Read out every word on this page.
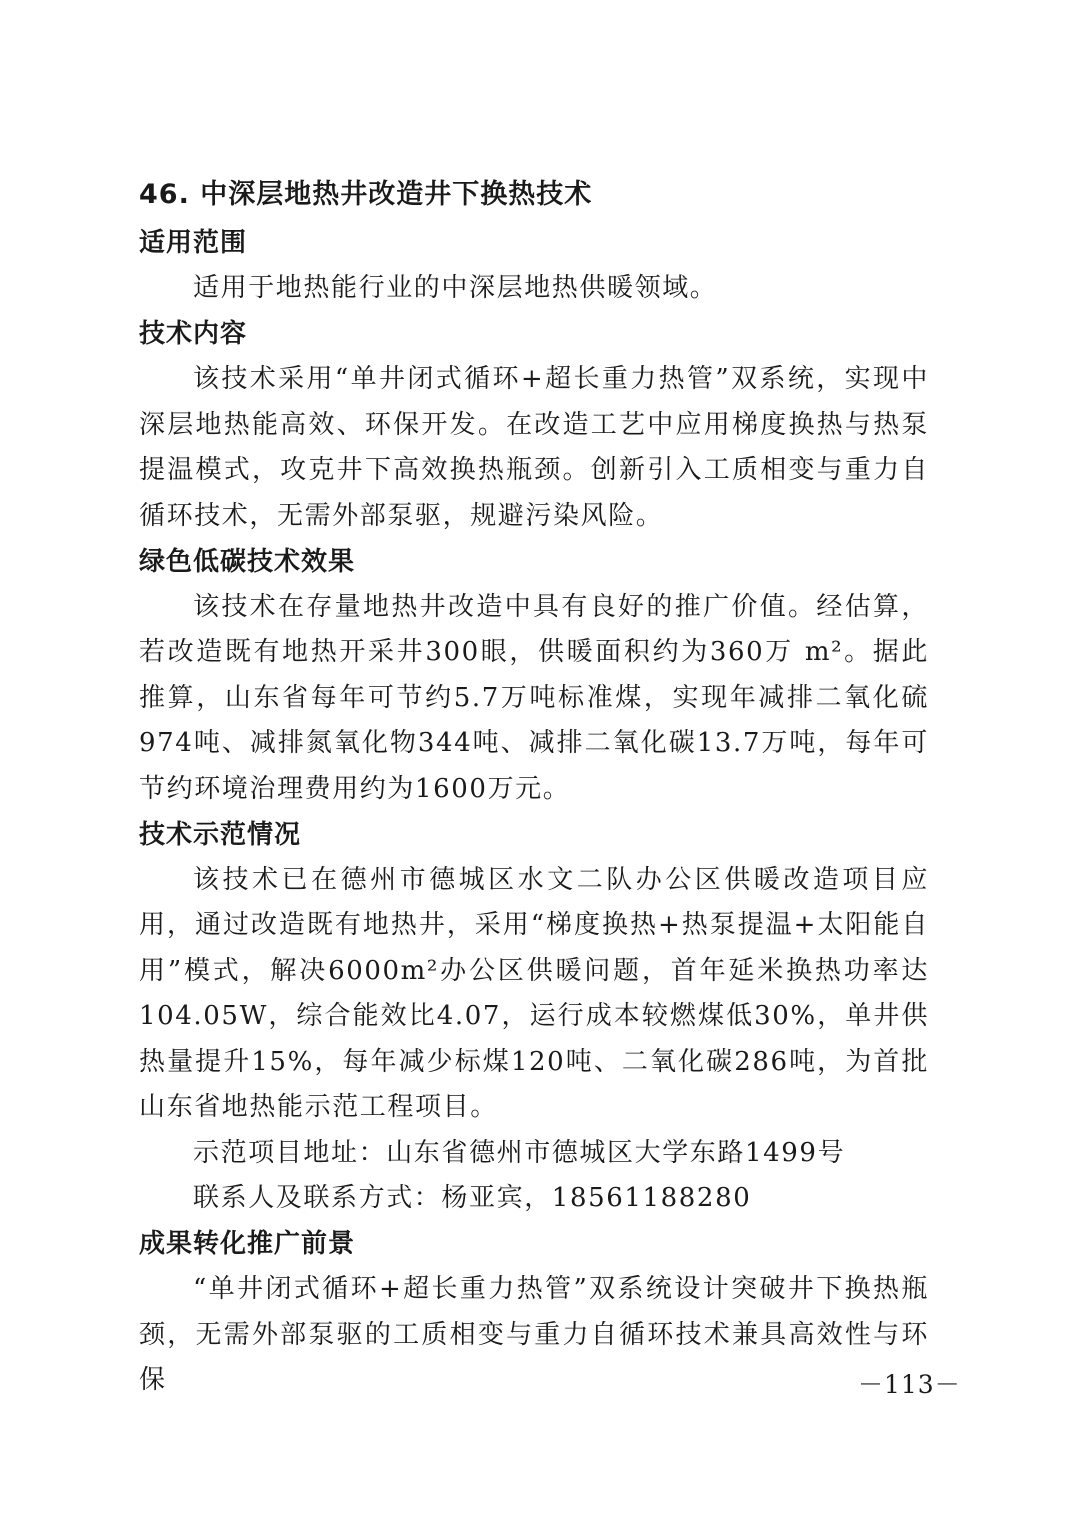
46. 中深层地热井改造井下换热技术
适用范围

适用于地热能行业的中深层地热供暖领域。

技术内容

该技术采用“单井闭式循环+超长重力热管”双系统，实现中深层地热能高效、环保开发。在改造工艺中应用梯度换热与热泵提温模式，攻克井下高效换热瓶颈。创新引入工质相变与重力自循环技术，无需外部泵驱，规避污染风险。

绿色低碳技术效果

该技术在存量地热井改造中具有良好的推广价值。经估算，若改造既有地热开采井300眼，供暖面积约为360万 m²。据此推算，山东省每年可节约5.7万吨标准煤，实现年减排二氧化硫974吨、减排氮氧化物344吨、减排二氧化碳13.7万吨，每年可节约环境治理费用约为1600万元。

技术示范情况

该技术已在德州市德城区水文二队办公区供暖改造项目应用，通过改造既有地热井，采用“梯度换热+热泵提温+太阳能自用”模式，解决6000m²办公区供暖问题，首年延米换热功率达104.05W，综合能效比4.07，运行成本较燃煤低30%，单井供热量提升15%，每年减少标煤120吨、二氧化碳286吨，为首批山东省地热能示范工程项目。

示范项目地址：山东省德州市德城区大学东路1499号

联系人及联系方式：杨亚宾，18561188280

成果转化推广前景

“单井闭式循环+超长重力热管”双系统设计突破井下换热瓶颈，无需外部泵驱的工质相变与重力自循环技术兼具高效性与环保	－113－
